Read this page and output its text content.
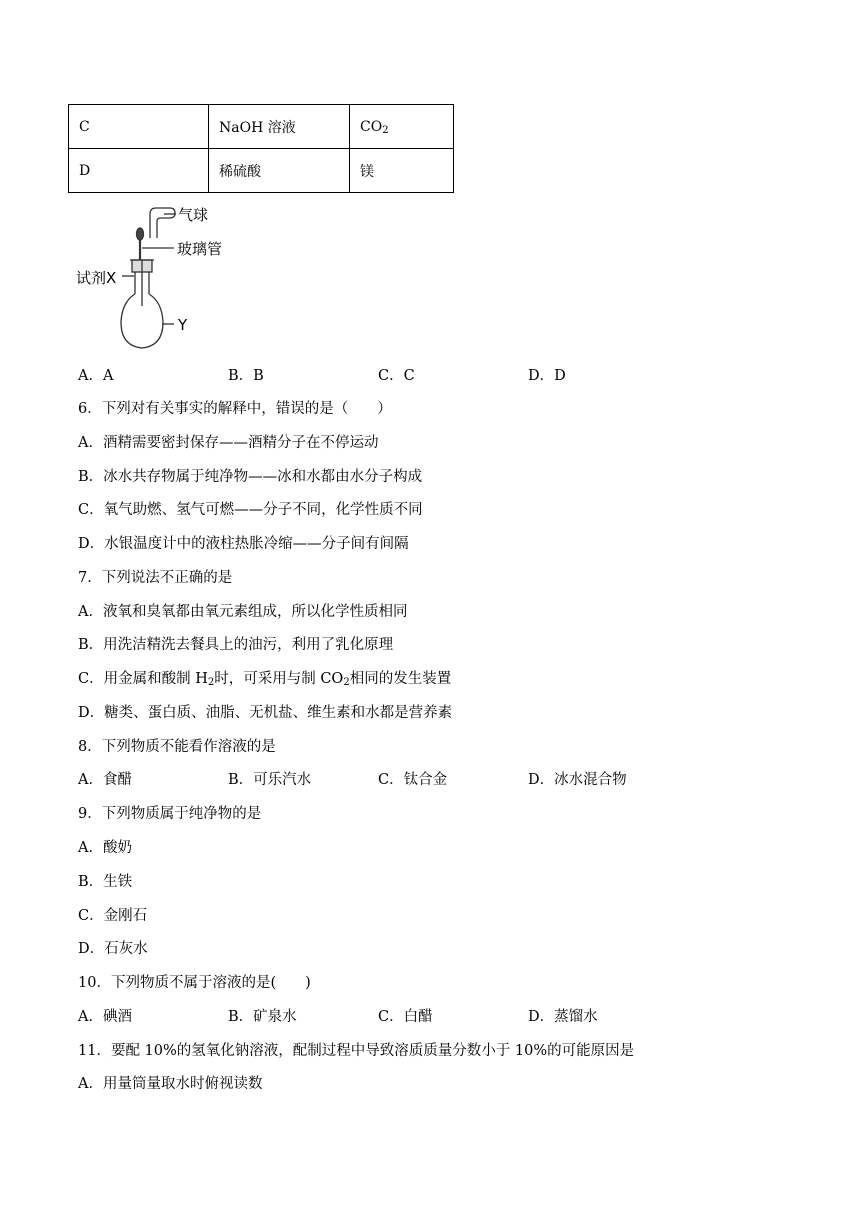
C	NaOH 溶液	$CO_2$
D	稀硫酸	镁
气球
玻璃管
试剂X
Y
A．A	B．B	C．C	D．D
6．下列对有关事实的解释中，错误的是（　　）
A．酒精需要密封保存——酒精分子在不停运动
B．冰水共存物属于纯净物——冰和水都由水分子构成
C．氧气助燃、氢气可燃——分子不同，化学性质不同
D．水银温度计中的液柱热胀冷缩——分子间有间隔
7．下列说法不正确的是
A．液氧和臭氧都由氧元素组成，所以化学性质相同
B．用洗洁精洗去餐具上的油污，利用了乳化原理
C．用金属和酸制 $H_2$时，可采用与制 $CO_2$相同的发生装置
D．糖类、蛋白质、油脂、无机盐、维生素和水都是营养素
8．下列物质不能看作溶液的是
A．食醋	B．可乐汽水	C．钛合金	D．冰水混合物
9．下列物质属于纯净物的是
A．酸奶
B．生铁
C．金刚石
D．石灰水
10．下列物质不属于溶液的是(　　)
A．碘酒	B．矿泉水	C．白醋	D．蒸馏水
11．要配 10%的氢氧化钠溶液，配制过程中导致溶质质量分数小于 10%的可能原因是
A．用量筒量取水时俯视读数
